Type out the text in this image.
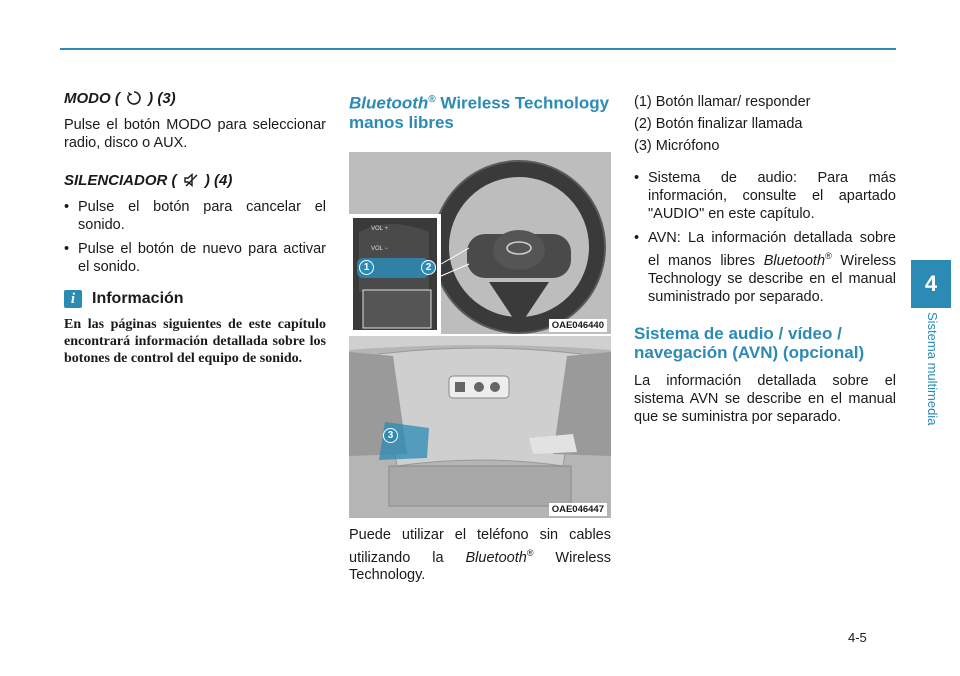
MODO ( ) (3)

Pulse el botón MODO para seleccionar radio, disco o AUX.

SILENCIADOR ( ) (4)
• Pulse el botón para cancelar el sonido.
• Pulse el botón de nuevo para activar el sonido.
i	Información

En las páginas siguientes de este capítulo encontrará información detallada sobre los botones de control del equipo de sonido.

Bluetooth® Wireless Technology manos libres
VOL +
VOL −
1	2
OAE046440
3
OAE046447

Puede utilizar el teléfono sin cables utilizando la Bluetooth® Wireless Technology.

(1) Botón llamar/ responder

(2) Botón finalizar llamada

(3) Micrófono

• Sistema de audio: Para más información, consulte el apartado "AUDIO" en este capítulo.
• AVN: La información detallada sobre el manos libres Bluetooth® Wireless Technology se describe en el manual suministrado por separado.
Sistema de audio / vídeo / navegación (AVN) (opcional)

La información detallada sobre el sistema AVN se describe en el manual que se suministra por separado.

4
Sistema multimedia
4-5
